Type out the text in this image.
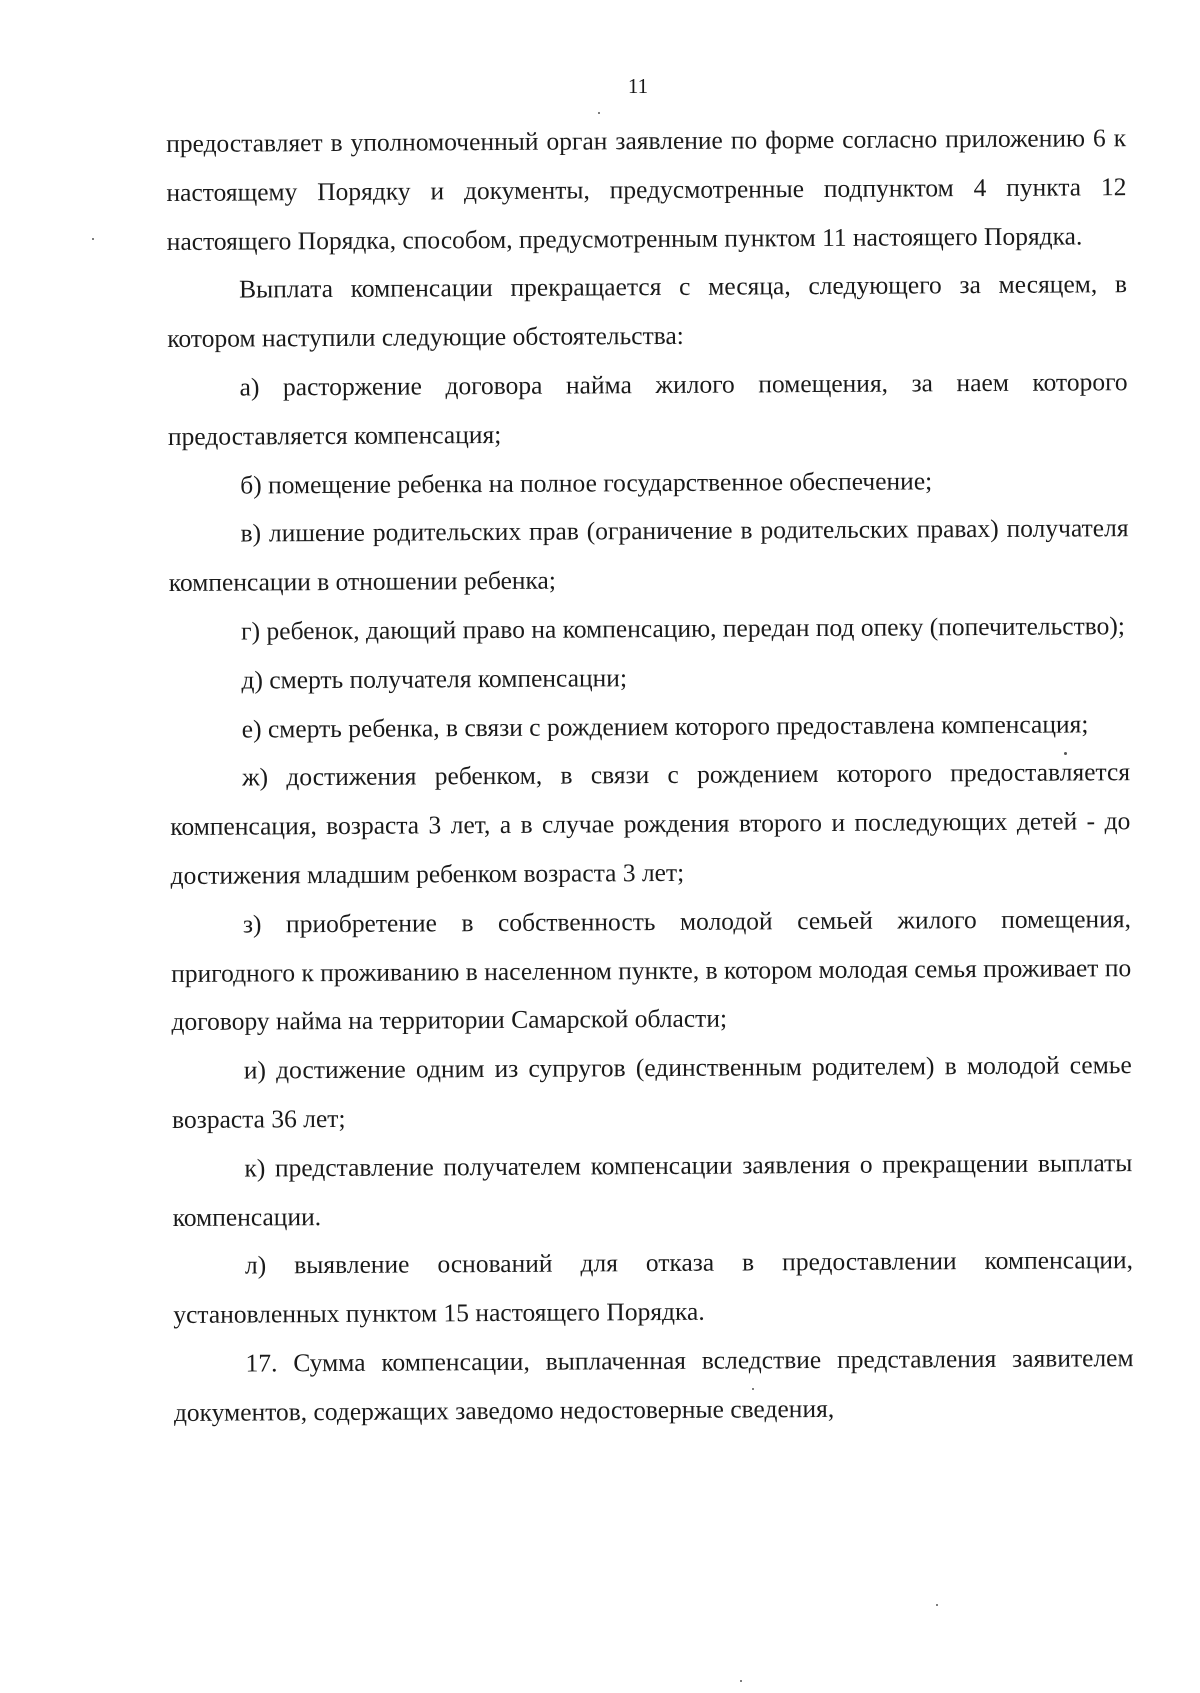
11

предоставляет в уполномоченный орган заявление по форме согласно приложению 6 к настоящему Порядку и документы, предусмотренные подпунктом 4 пункта 12 настоящего Порядка, способом, предусмотренным пунктом 11 настоящего Порядка.

Выплата компенсации прекращается с месяца, следующего за месяцем, в котором наступили следующие обстоятельства:

а) расторжение договора найма жилого помещения, за наем которого предоставляется компенсация;

б) помещение ребенка на полное государственное обеспечение;

в) лишение родительских прав (ограничение в родительских правах) получателя компенсации в отношении ребенка;

г) ребенок, дающий право на компенсацию, передан под опеку (попечительство);

д) смерть получателя компенсацни;

е) смерть ребенка, в связи с рождением которого предоставлена компенсация;

ж) достижения ребенком, в связи с рождением которого предоставляется компенсация, возраста 3 лет, а в случае рождения второго и последующих детей - до достижения младшим ребенком возраста 3 лет;

з) приобретение в собственность молодой семьей жилого помещения, пригодного к проживанию в населенном пункте, в котором молодая семья проживает по договору найма на территории Самарской области;

и) достижение одним из супругов (единственным родителем) в молодой семье возраста 36 лет;

к) представление получателем компенсации заявления о прекращении выплаты компенсации.

л) выявление оснований для отказа в предоставлении компенсации, установленных пунктом 15 настоящего Порядка.

17. Сумма компенсации, выплаченная вследствие представления заявителем документов, содержащих заведомо недостоверные сведения,
